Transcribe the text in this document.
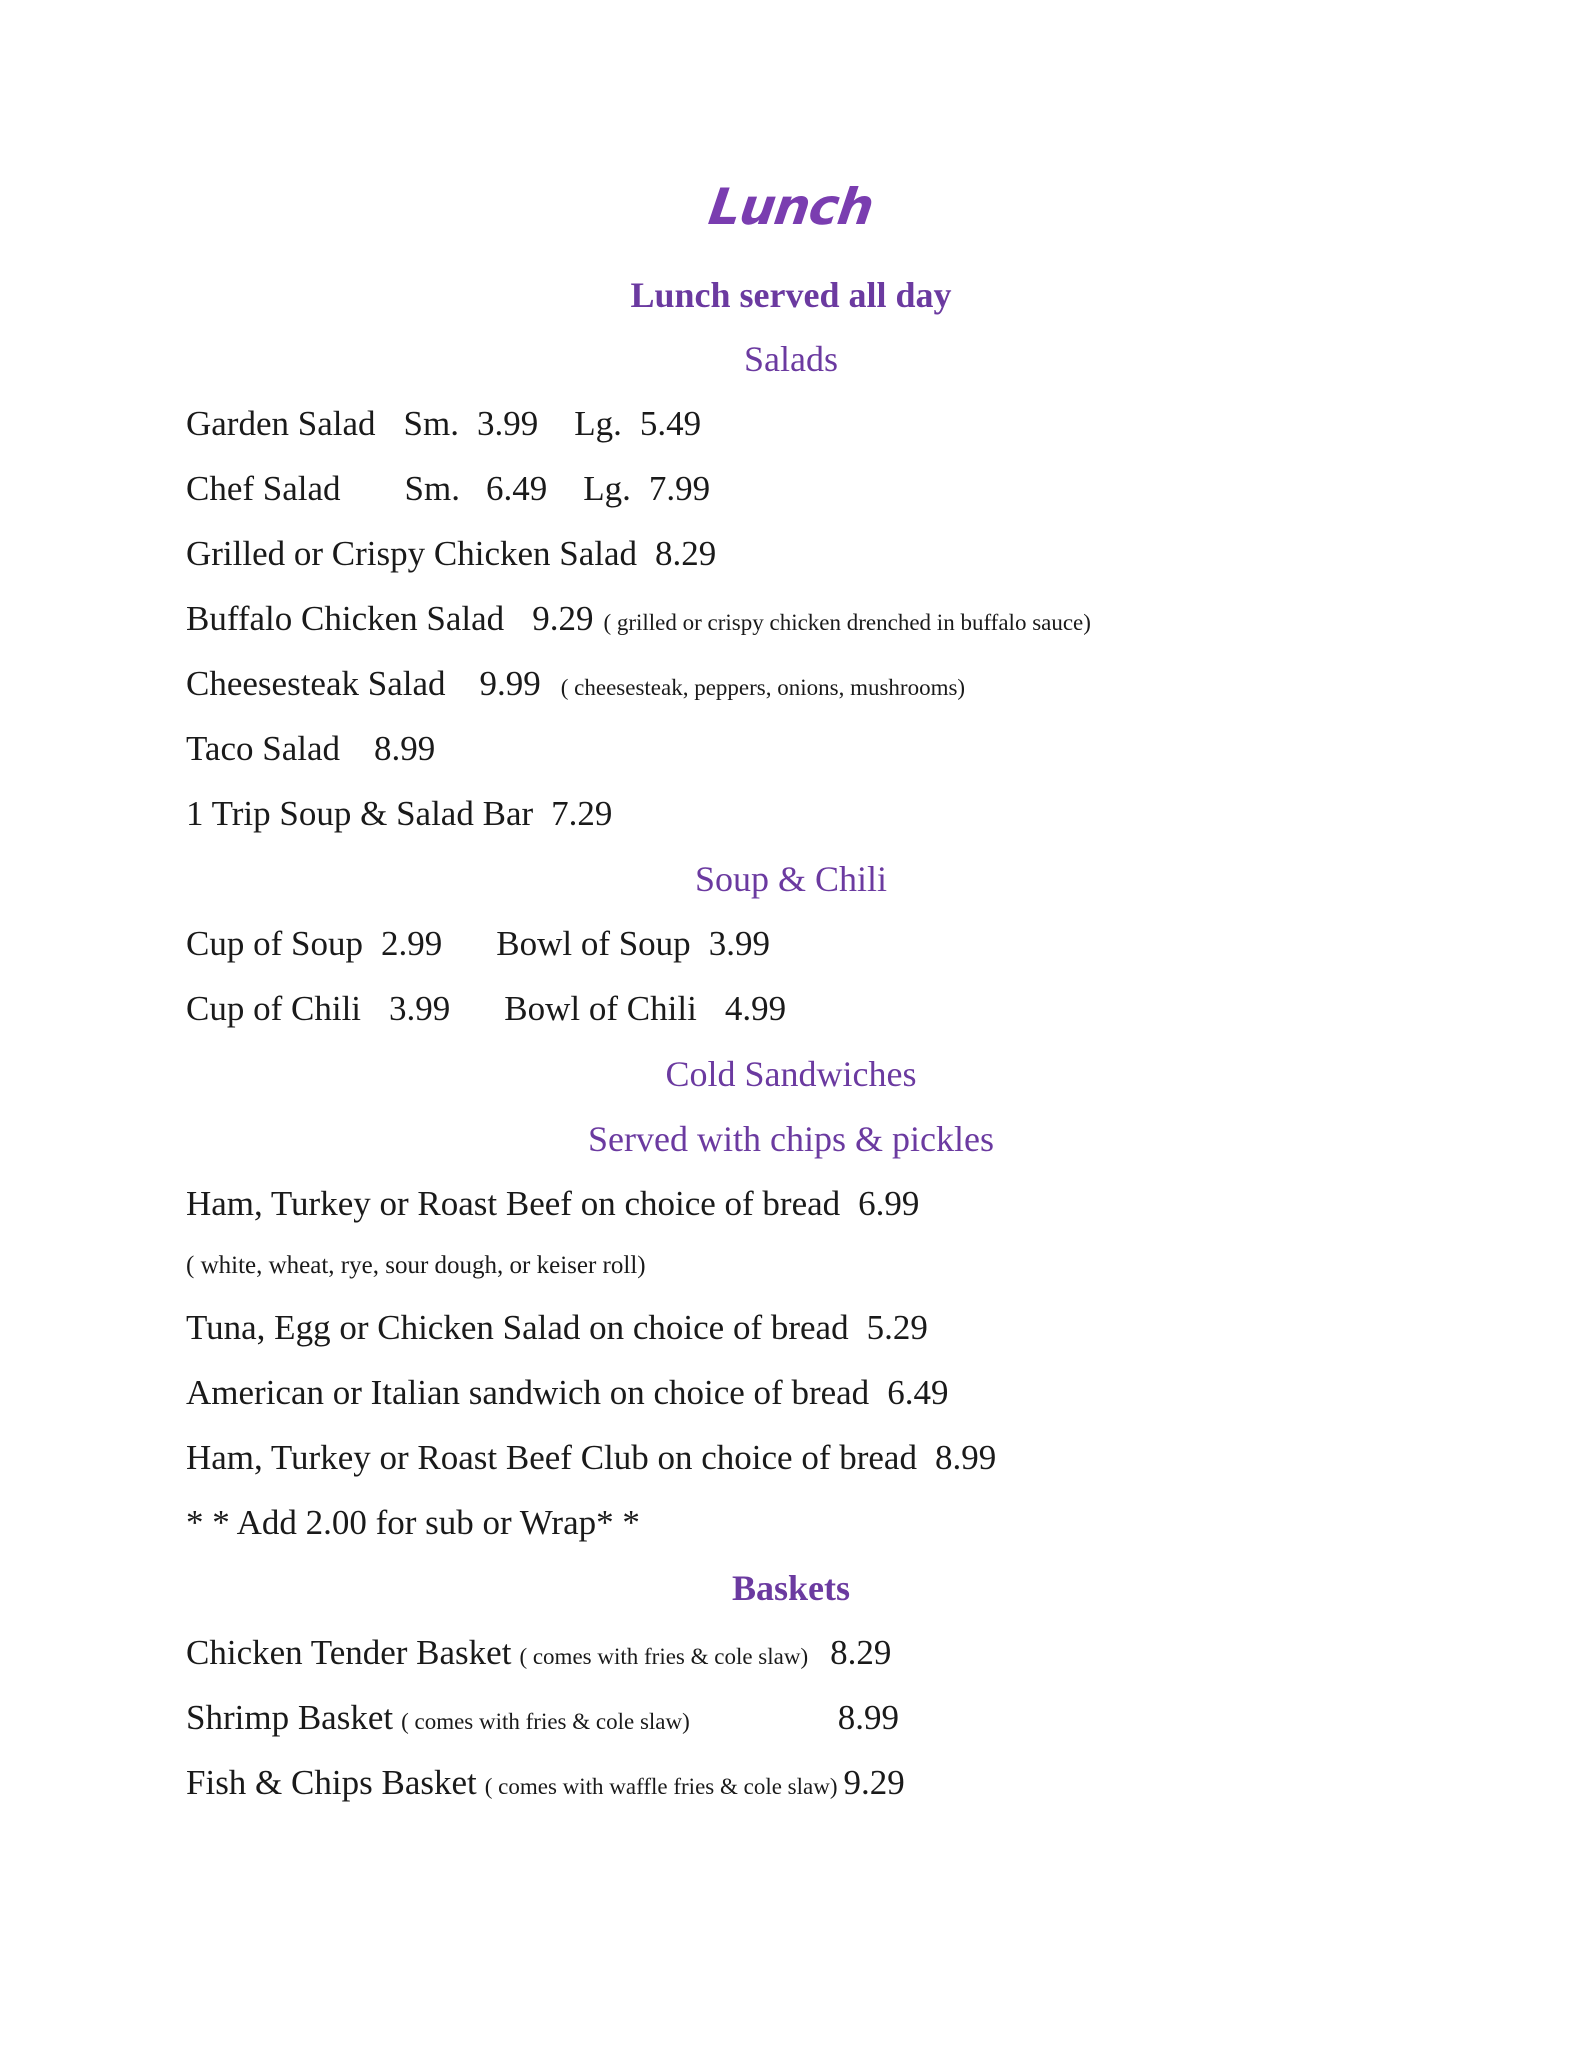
Lunch
Lunch served all day
Salads
Garden Salad Sm. 3.99 Lg. 5.49
Chef Salad Sm. 6.49 Lg. 7.99
Grilled or Crispy Chicken Salad 8.29
Buffalo Chicken Salad 9.29 ( grilled or crispy chicken drenched in buffalo sauce)
Cheesesteak Salad 9.99 ( cheesesteak, peppers, onions, mushrooms)
Taco Salad 8.99
1 Trip Soup & Salad Bar 7.29
Soup & Chili
Cup of Soup 2.99 Bowl of Soup 3.99
Cup of Chili 3.99 Bowl of Chili 4.99
Cold Sandwiches
Served with chips & pickles
Ham, Turkey or Roast Beef on choice of bread 6.99
( white, wheat, rye, sour dough, or keiser roll)
Tuna, Egg or Chicken Salad on choice of bread 5.29
American or Italian sandwich on choice of bread 6.49
Ham, Turkey or Roast Beef Club on choice of bread 8.99
* * Add 2.00 for sub or Wrap* *
Baskets
Chicken Tender Basket ( comes with fries & cole slaw) 8.29
Shrimp Basket ( comes with fries & cole slaw)	8.99
Fish & Chips Basket ( comes with waffle fries & cole slaw) 9.29
